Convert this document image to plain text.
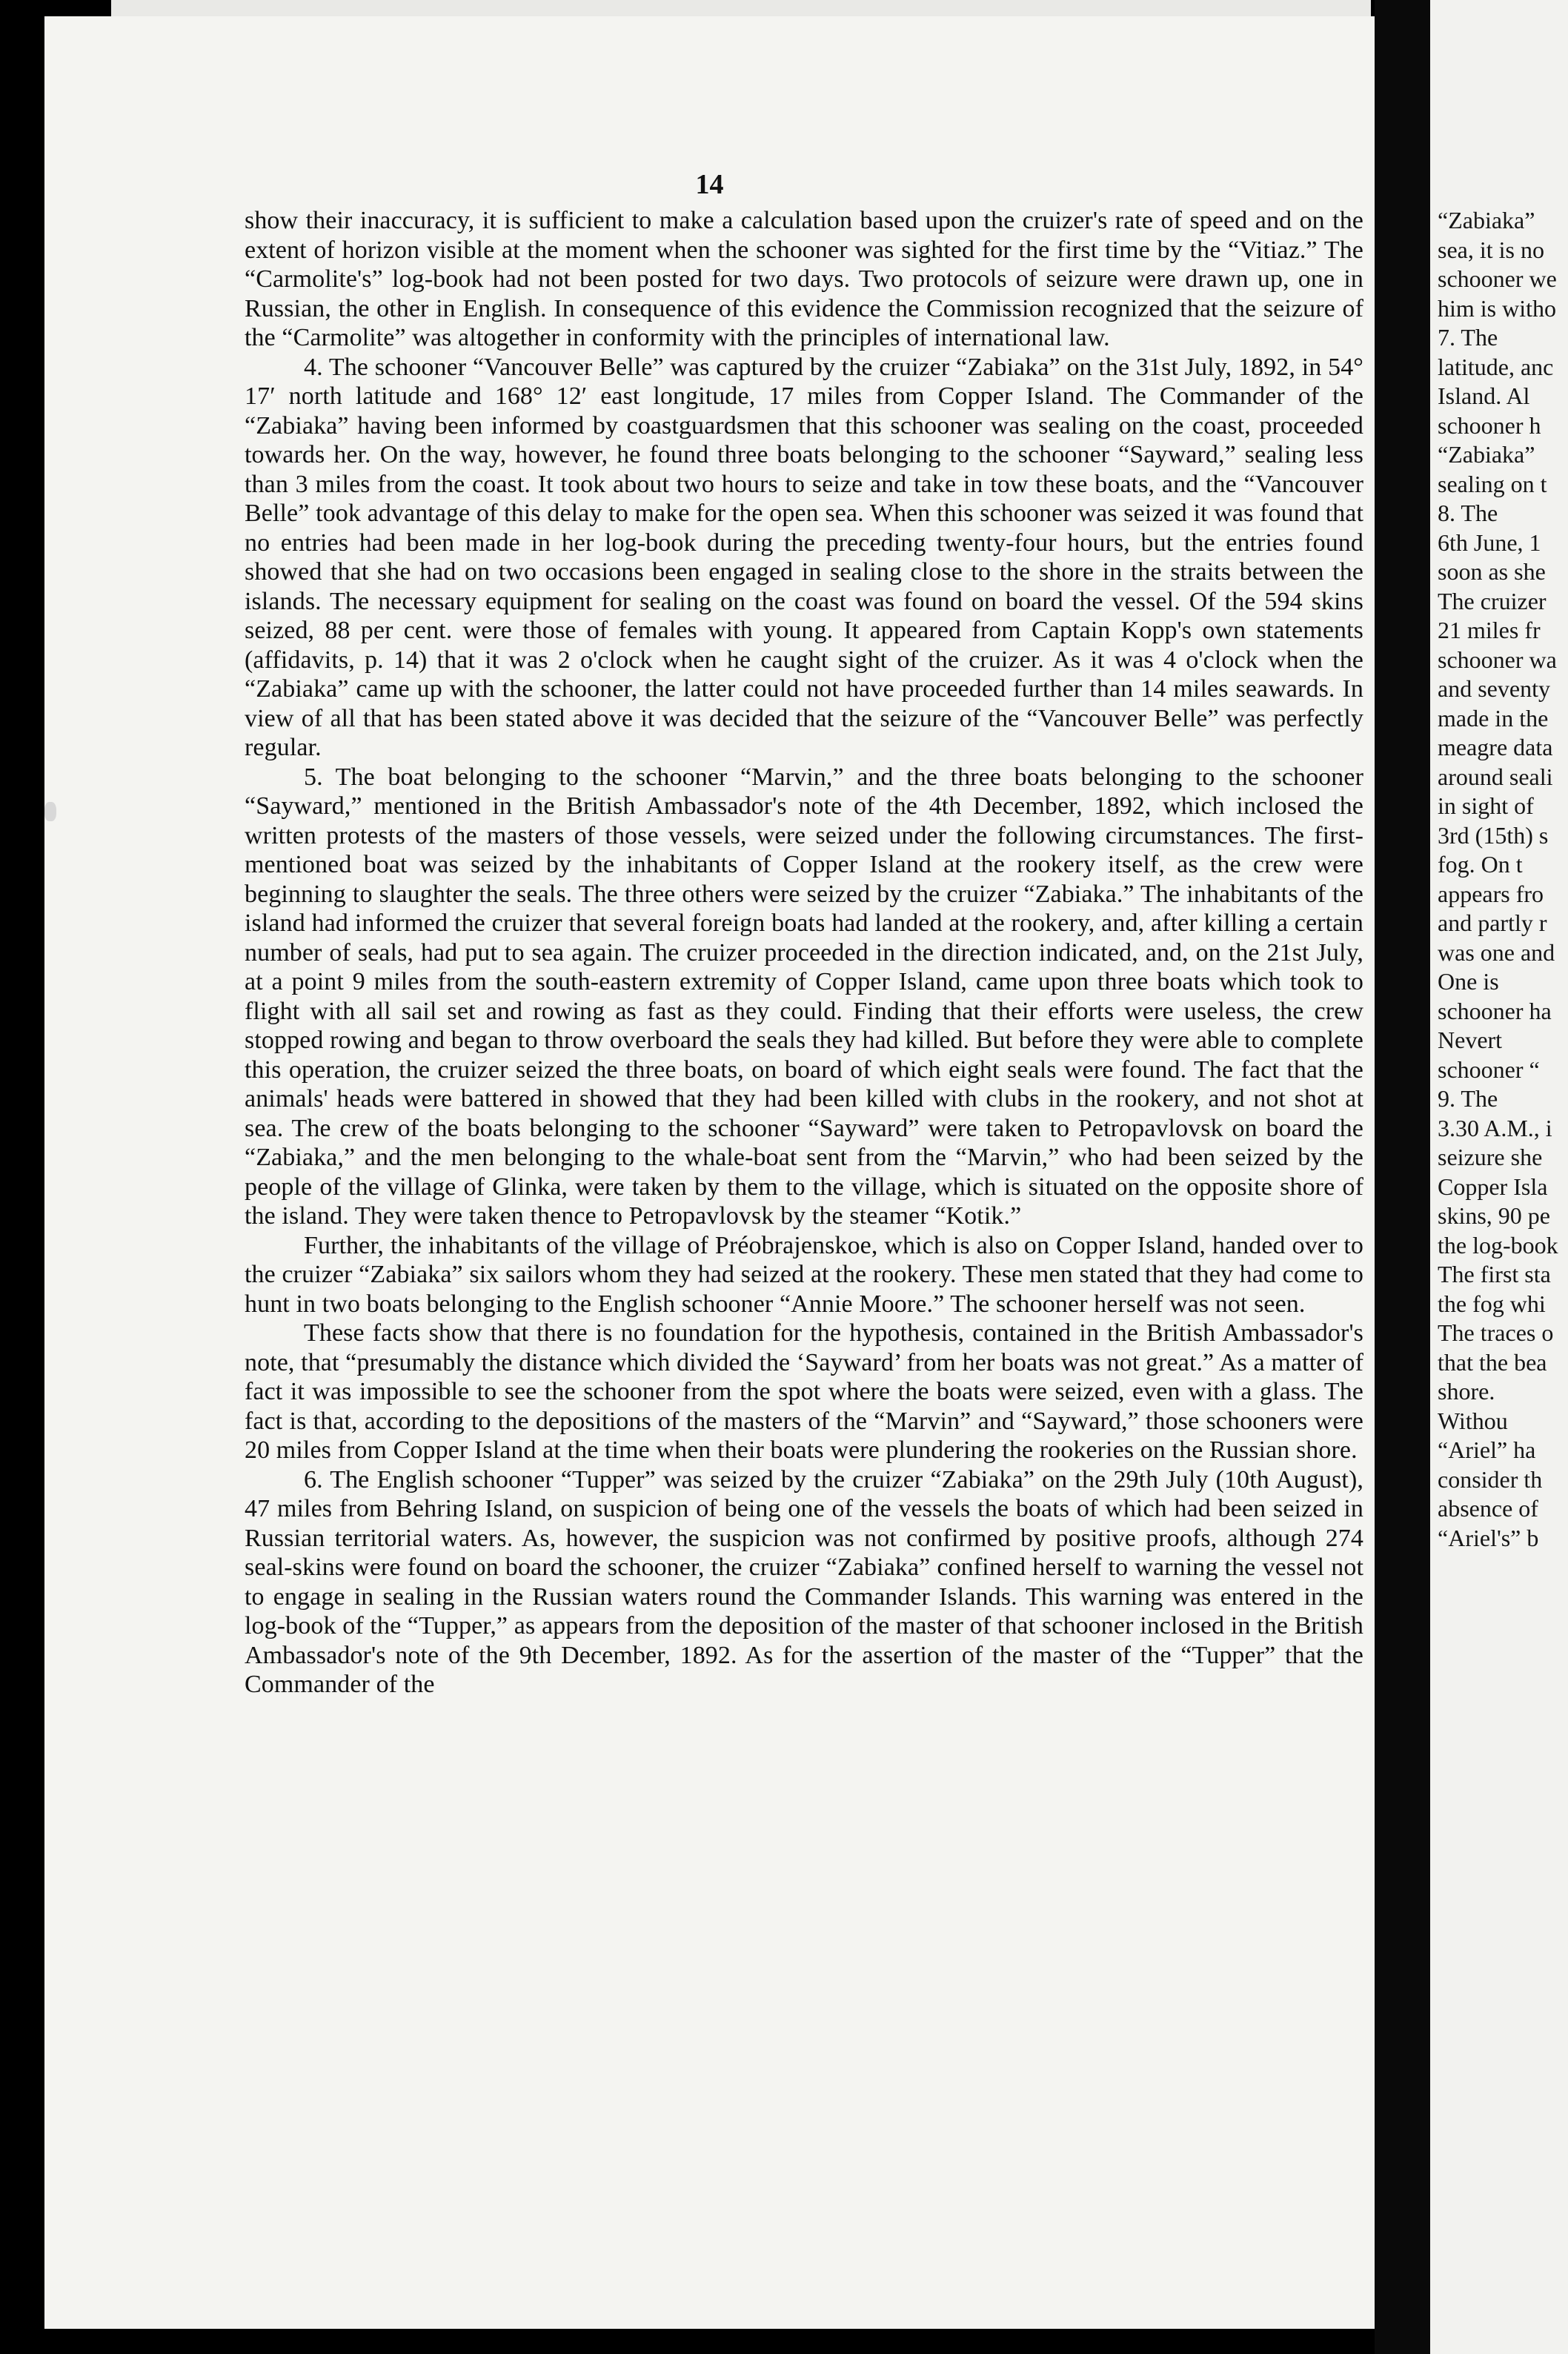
14

show their inaccuracy, it is sufficient to make a calculation based upon the cruizer's rate of speed and on the extent of horizon visible at the moment when the schooner was sighted for the first time by the “Vitiaz.” The “Carmolite's” log-book had not been posted for two days. Two protocols of seizure were drawn up, one in Russian, the other in English. In consequence of this evidence the Commission recognized that the seizure of the “Carmolite” was altogether in conformity with the principles of international law.

4. The schooner “Vancouver Belle” was captured by the cruizer “Zabiaka” on the 31st July, 1892, in 54° 17′ north latitude and 168° 12′ east longitude, 17 miles from Copper Island. The Commander of the “Zabiaka” having been informed by coastguardsmen that this schooner was sealing on the coast, proceeded towards her. On the way, however, he found three boats belonging to the schooner “Sayward,” sealing less than 3 miles from the coast. It took about two hours to seize and take in tow these boats, and the “Vancouver Belle” took advantage of this delay to make for the open sea. When this schooner was seized it was found that no entries had been made in her log-book during the preceding twenty-four hours, but the entries found showed that she had on two occasions been engaged in sealing close to the shore in the straits between the islands. The necessary equipment for sealing on the coast was found on board the vessel. Of the 594 skins seized, 88 per cent. were those of females with young. It appeared from Captain Kopp's own statements (affidavits, p. 14) that it was 2 o'clock when he caught sight of the cruizer. As it was 4 o'clock when the “Zabiaka” came up with the schooner, the latter could not have proceeded further than 14 miles seawards. In view of all that has been stated above it was decided that the seizure of the “Vancouver Belle” was perfectly regular.

5. The boat belonging to the schooner “Marvin,” and the three boats belonging to the schooner “Sayward,” mentioned in the British Ambassador's note of the 4th December, 1892, which inclosed the written protests of the masters of those vessels, were seized under the following circumstances. The first-mentioned boat was seized by the inhabitants of Copper Island at the rookery itself, as the crew were beginning to slaughter the seals. The three others were seized by the cruizer “Zabiaka.” The inhabitants of the island had informed the cruizer that several foreign boats had landed at the rookery, and, after killing a certain number of seals, had put to sea again. The cruizer proceeded in the direction indicated, and, on the 21st July, at a point 9 miles from the south-eastern extremity of Copper Island, came upon three boats which took to flight with all sail set and rowing as fast as they could. Finding that their efforts were useless, the crew stopped rowing and began to throw overboard the seals they had killed. But before they were able to complete this operation, the cruizer seized the three boats, on board of which eight seals were found. The fact that the animals' heads were battered in showed that they had been killed with clubs in the rookery, and not shot at sea. The crew of the boats belonging to the schooner “Sayward” were taken to Petropavlovsk on board the “Zabiaka,” and the men belonging to the whale-boat sent from the “Marvin,” who had been seized by the people of the village of Glinka, were taken by them to the village, which is situated on the opposite shore of the island. They were taken thence to Petropavlovsk by the steamer “Kotik.”

Further, the inhabitants of the village of Préobrajenskoe, which is also on Copper Island, handed over to the cruizer “Zabiaka” six sailors whom they had seized at the rookery. These men stated that they had come to hunt in two boats belonging to the English schooner “Annie Moore.” The schooner herself was not seen.

These facts show that there is no foundation for the hypothesis, contained in the British Ambassador's note, that “presumably the distance which divided the ‘Sayward’ from her boats was not great.” As a matter of fact it was impossible to see the schooner from the spot where the boats were seized, even with a glass. The fact is that, according to the depositions of the masters of the “Marvin” and “Sayward,” those schooners were 20 miles from Copper Island at the time when their boats were plundering the rookeries on the Russian shore.

6. The English schooner “Tupper” was seized by the cruizer “Zabiaka” on the 29th July (10th August), 47 miles from Behring Island, on suspicion of being one of the vessels the boats of which had been seized in Russian territorial waters. As, however, the suspicion was not confirmed by positive proofs, although 274 seal-skins were found on board the schooner, the cruizer “Zabiaka” confined herself to warning the vessel not to engage in sealing in the Russian waters round the Commander Islands. This warning was entered in the log-book of the “Tupper,” as appears from the deposition of the master of that schooner inclosed in the British Ambassador's note of the 9th December, 1892. As for the assertion of the master of the “Tupper” that the Commander of the

“Zabiaka”
sea, it is no
schooner we
him is witho
7. The
latitude, anc
Island. Al
schooner h
“Zabiaka”
sealing on t
8. The
6th June, 1
soon as she
The cruizer
21 miles fr
schooner wa
and seventy
made in the
meagre data
around seali
in sight of
3rd (15th) s
fog. On t
appears fro
and partly r
was one and
One is
schooner ha
Nevert
schooner “
9. The
3.30 A.M., i
seizure she
Copper Isla
skins, 90 pe
the log-book
The first sta
the fog whi
The traces o
that the bea
shore.
Withou
“Ariel” ha
consider th
absence of
“Ariel's” b
